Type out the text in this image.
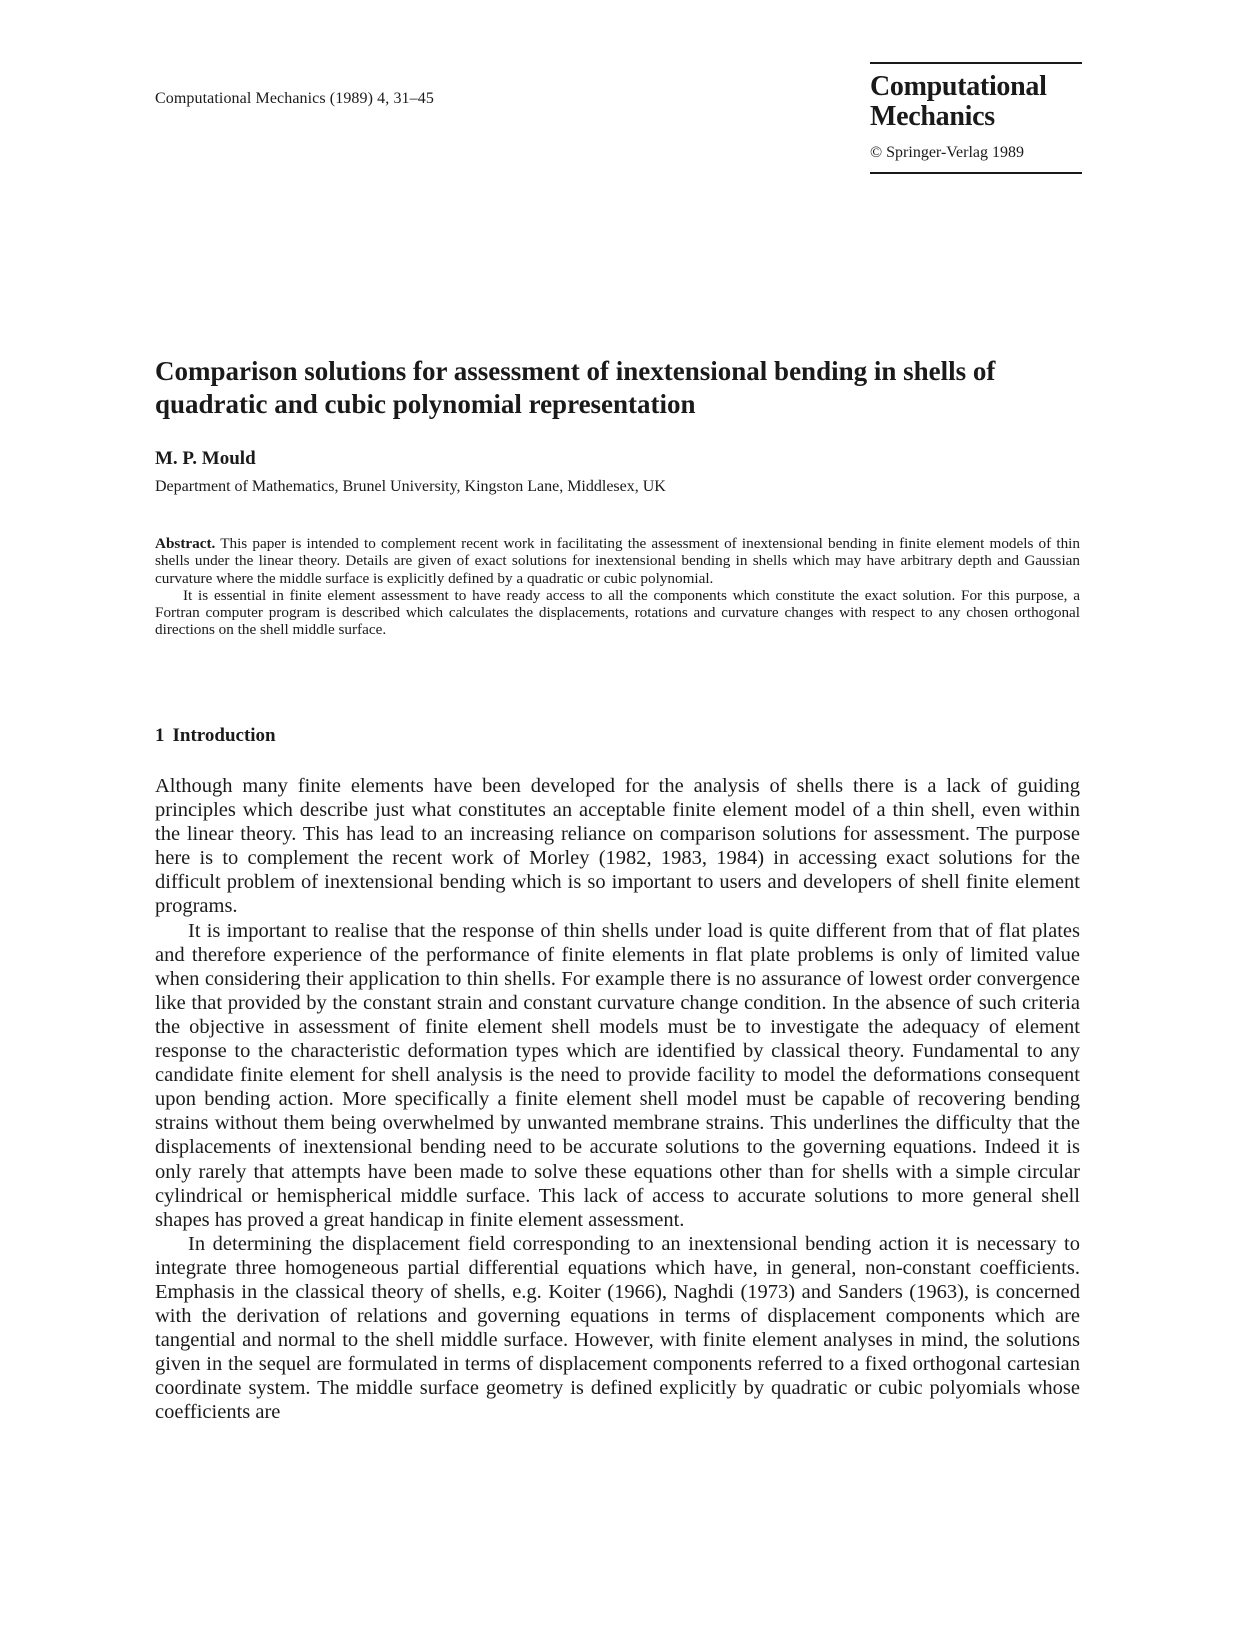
Computational Mechanics (1989) 4, 31–45	Computational
Mechanics
© Springer-Verlag 1989
Comparison solutions for assessment of inextensional bending in shells of quadratic and cubic polynomial representation
M. P. Mould
Department of Mathematics, Brunel University, Kingston Lane, Middlesex, UK

Abstract. This paper is intended to complement recent work in facilitating the assessment of inextensional bending in finite element models of thin shells under the linear theory. Details are given of exact solutions for inextensional bending in shells which may have arbitrary depth and Gaussian curvature where the middle surface is explicitly defined by a quadratic or cubic polynomial.

It is essential in finite element assessment to have ready access to all the components which constitute the exact solution. For this purpose, a Fortran computer program is described which calculates the displacements, rotations and curvature changes with respect to any chosen orthogonal directions on the shell middle surface.

1 Introduction

Although many finite elements have been developed for the analysis of shells there is a lack of guiding principles which describe just what constitutes an acceptable finite element model of a thin shell, even within the linear theory. This has lead to an increasing reliance on comparison solutions for assessment. The purpose here is to complement the recent work of Morley (1982, 1983, 1984) in accessing exact solutions for the difficult problem of inextensional bending which is so important to users and developers of shell finite element programs.

It is important to realise that the response of thin shells under load is quite different from that of flat plates and therefore experience of the performance of finite elements in flat plate problems is only of limited value when considering their application to thin shells. For example there is no assurance of lowest order convergence like that provided by the constant strain and constant curvature change condition. In the absence of such criteria the objective in assessment of finite element shell models must be to investigate the adequacy of element response to the characteristic deformation types which are identified by classical theory. Fundamental to any candidate finite element for shell analysis is the need to provide facility to model the deformations consequent upon bending action. More specifically a finite element shell model must be capable of recovering bending strains without them being overwhelmed by unwanted membrane strains. This underlines the difficulty that the displacements of inextensional bending need to be accurate solutions to the governing equations. Indeed it is only rarely that attempts have been made to solve these equations other than for shells with a simple circular cylindrical or hemispherical middle surface. This lack of access to accurate solutions to more general shell shapes has proved a great handicap in finite element assessment.

In determining the displacement field corresponding to an inextensional bending action it is necessary to integrate three homogeneous partial differential equations which have, in general, non-constant coefficients. Emphasis in the classical theory of shells, e.g. Koiter (1966), Naghdi (1973) and Sanders (1963), is concerned with the derivation of relations and governing equations in terms of displacement components which are tangential and normal to the shell middle surface. However, with finite element analyses in mind, the solutions given in the sequel are formulated in terms of displacement components referred to a fixed orthogonal cartesian coordinate system. The middle surface geometry is defined explicitly by quadratic or cubic polyomials whose coefficients are
